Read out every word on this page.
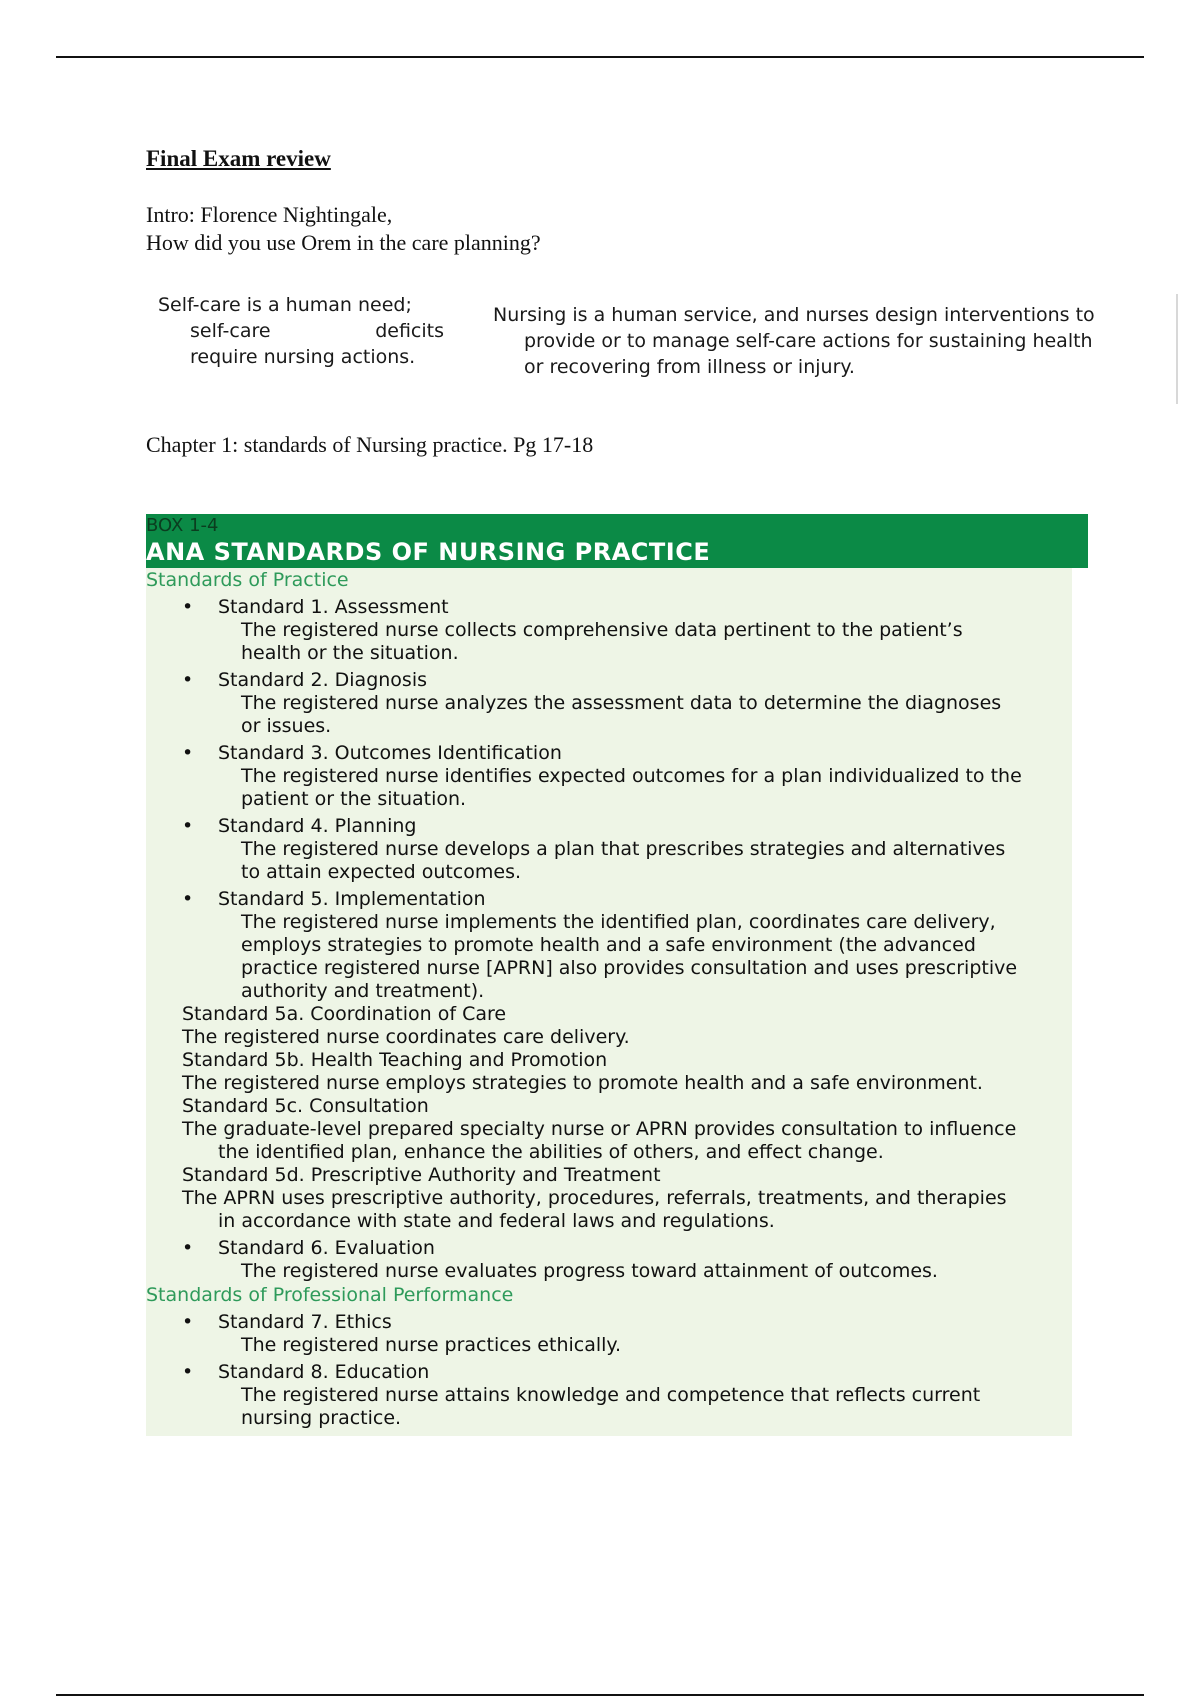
Final Exam review
Intro: Florence Nightingale,
How did you use Orem in the care planning?
Self-care is a human need;
self-care	deficits
require nursing actions.
Nursing is a human service, and nurses design interventions to
provide or to manage self-care actions for sustaining health
or recovering from illness or injury.
Chapter 1: standards of Nursing practice. Pg 17-18
BOX 1-4
ANA STANDARDS OF NURSING PRACTICE
Standards of Practice
• Standard 1. Assessment
The registered nurse collects comprehensive data pertinent to the patient’s
health or the situation.
• Standard 2. Diagnosis
The registered nurse analyzes the assessment data to determine the diagnoses
or issues.
• Standard 3. Outcomes Identification
The registered nurse identifies expected outcomes for a plan individualized to the
patient or the situation.
• Standard 4. Planning
The registered nurse develops a plan that prescribes strategies and alternatives
to attain expected outcomes.
• Standard 5. Implementation
The registered nurse implements the identified plan, coordinates care delivery,
employs strategies to promote health and a safe environment (the advanced
practice registered nurse [APRN] also provides consultation and uses prescriptive
authority and treatment).
Standard 5a. Coordination of Care
The registered nurse coordinates care delivery.
Standard 5b. Health Teaching and Promotion
The registered nurse employs strategies to promote health and a safe environment.
Standard 5c. Consultation
The graduate-level prepared specialty nurse or APRN provides consultation to influence
the identified plan, enhance the abilities of others, and effect change.
Standard 5d. Prescriptive Authority and Treatment
The APRN uses prescriptive authority, procedures, referrals, treatments, and therapies
in accordance with state and federal laws and regulations.
• Standard 6. Evaluation
The registered nurse evaluates progress toward attainment of outcomes.
Standards of Professional Performance
• Standard 7. Ethics
The registered nurse practices ethically.
• Standard 8. Education
The registered nurse attains knowledge and competence that reflects current
nursing practice.
